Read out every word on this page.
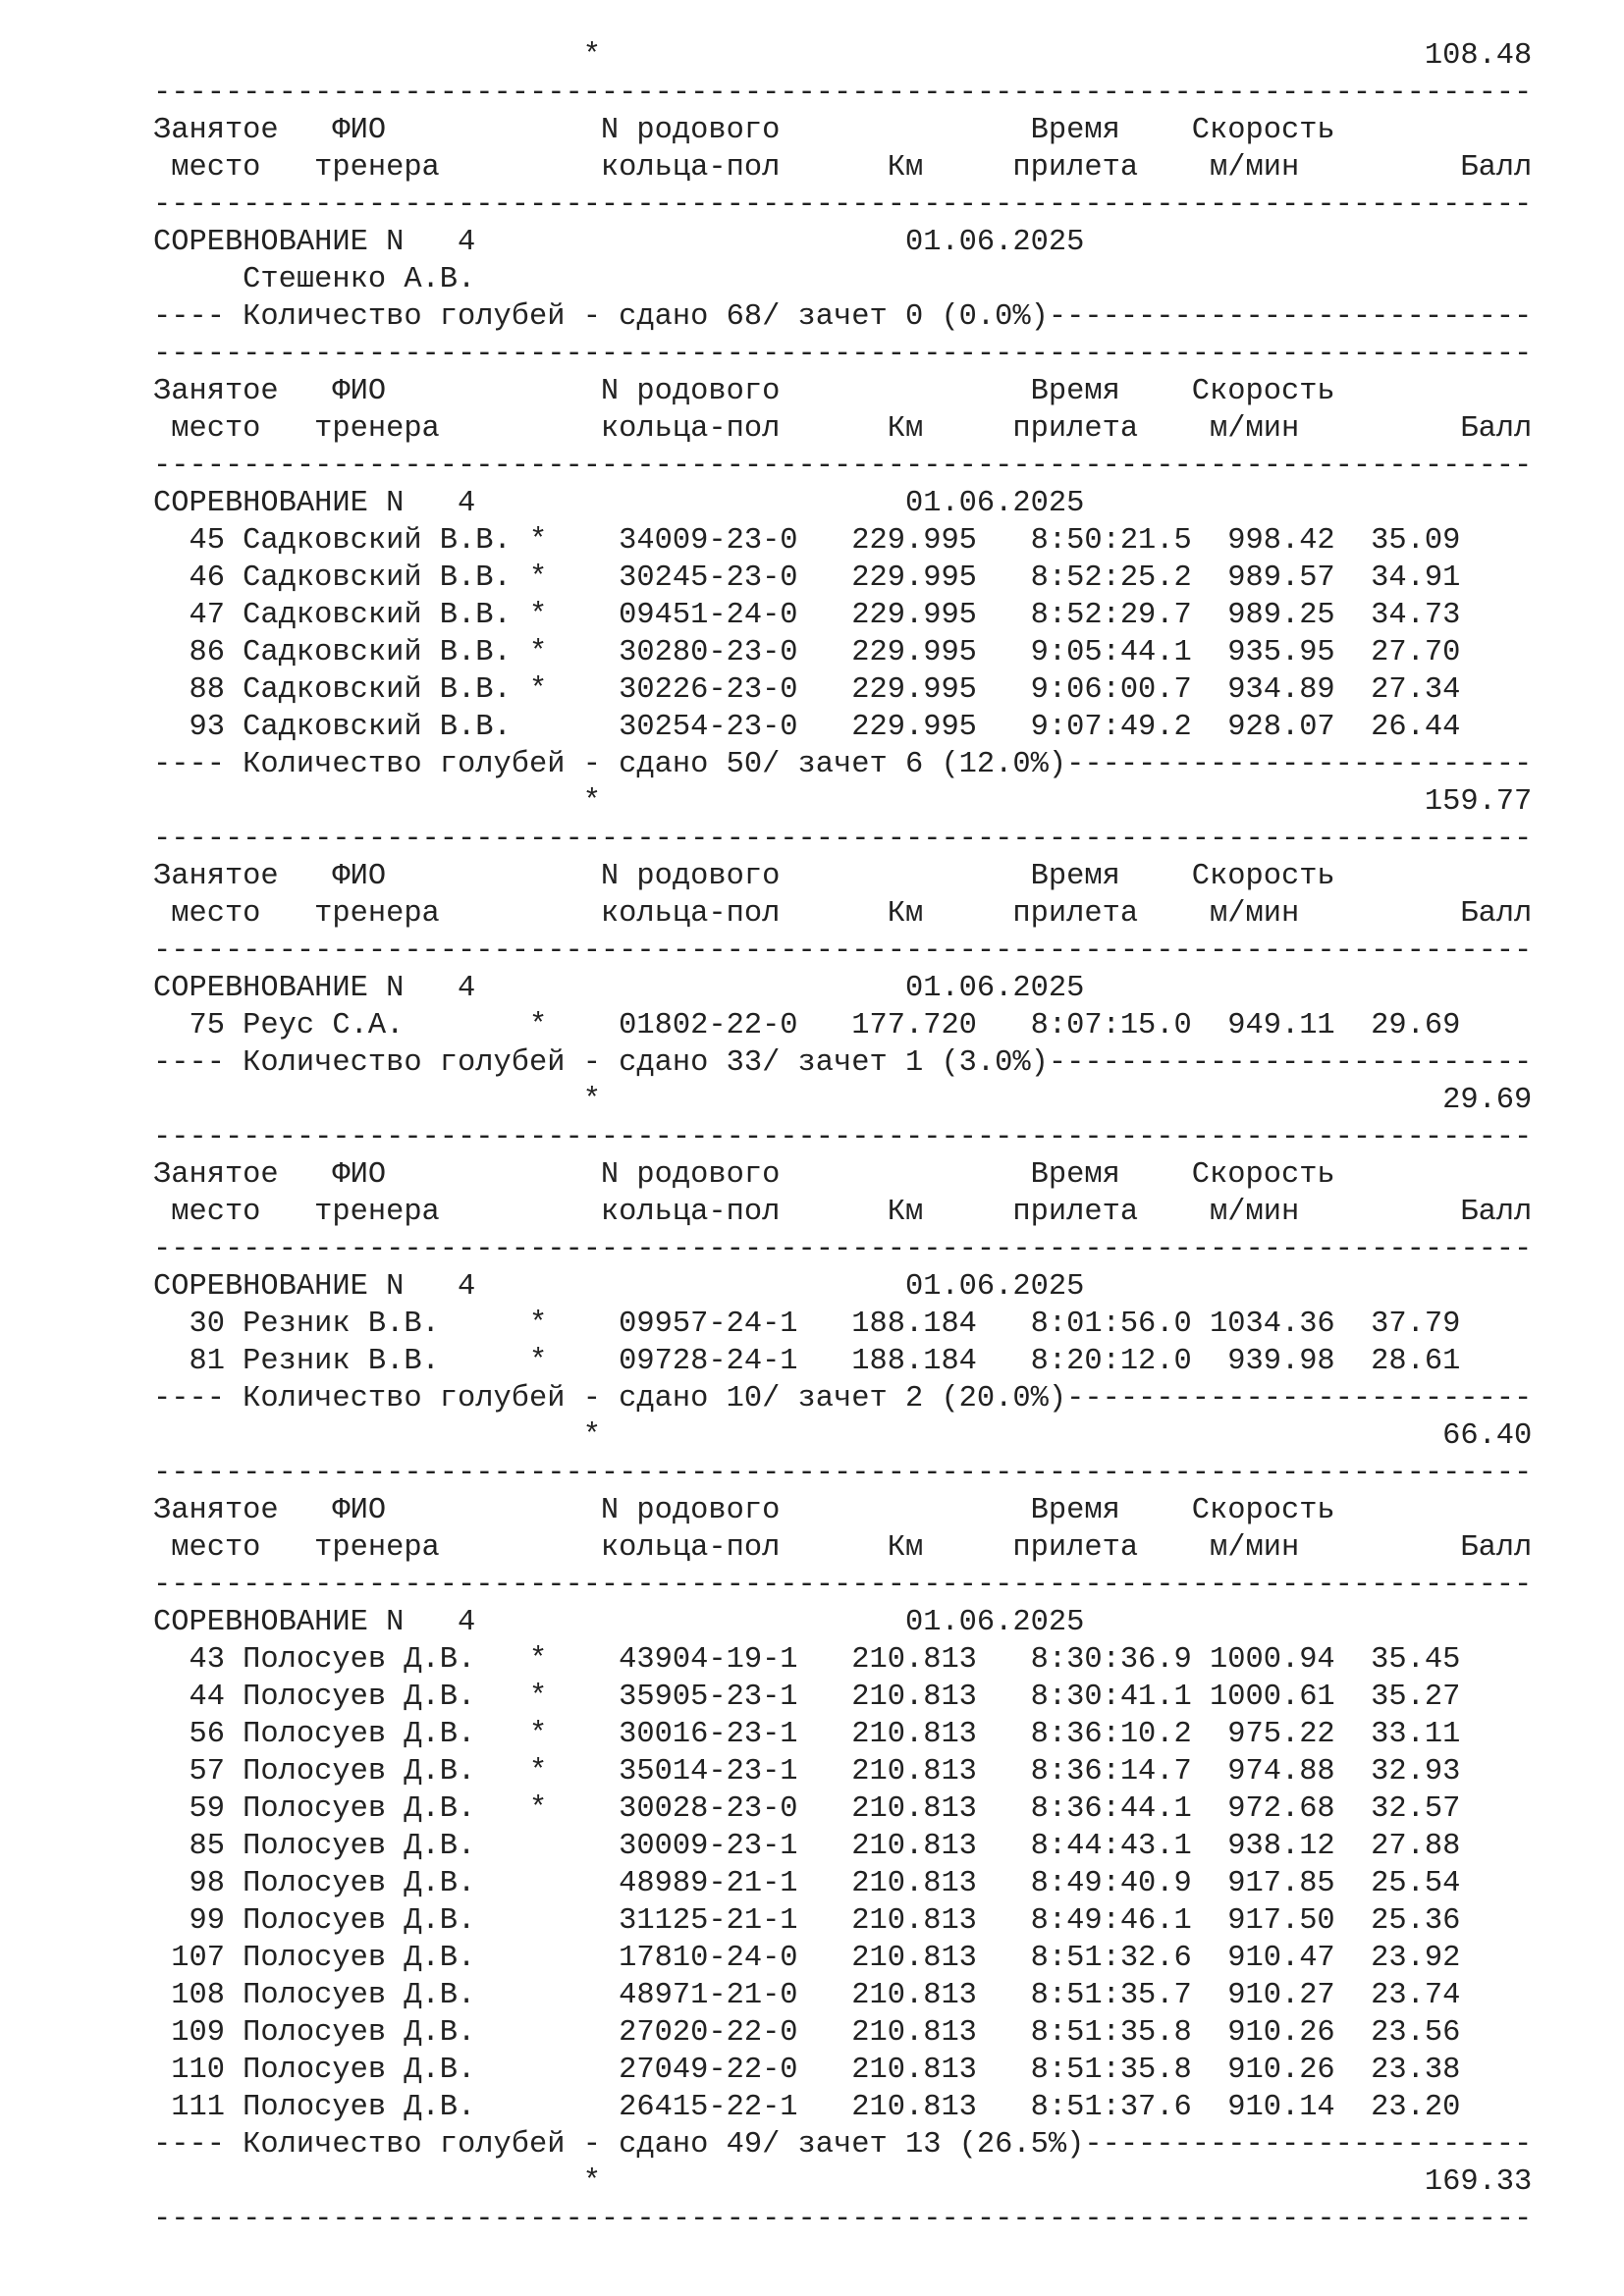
*                                              108.48
-----------------------------------------------------------------------------
Занятое   ФИО            N родового              Время    Скорость
место   тренера         кольца-пол      Км     прилета    м/мин         Балл
-----------------------------------------------------------------------------
СОРЕВНОВАНИЕ N   4                        01.06.2025
Стешенко А.В.
---- Количество голубей - сдано 68/ зачет 0 (0.0%)---------------------------
-----------------------------------------------------------------------------
Занятое   ФИО            N родового              Время    Скорость
место   тренера         кольца-пол      Км     прилета    м/мин         Балл
-----------------------------------------------------------------------------
СОРЕВНОВАНИЕ N   4                        01.06.2025
45 Садковский В.В. *    34009-23-0   229.995   8:50:21.5  998.42  35.09
46 Садковский В.В. *    30245-23-0   229.995   8:52:25.2  989.57  34.91
47 Садковский В.В. *    09451-24-0   229.995   8:52:29.7  989.25  34.73
86 Садковский В.В. *    30280-23-0   229.995   9:05:44.1  935.95  27.70
88 Садковский В.В. *    30226-23-0   229.995   9:06:00.7  934.89  27.34
93 Садковский В.В.      30254-23-0   229.995   9:07:49.2  928.07  26.44
---- Количество голубей - сдано 50/ зачет 6 (12.0%)--------------------------
*                                              159.77
-----------------------------------------------------------------------------
Занятое   ФИО            N родового              Время    Скорость
место   тренера         кольца-пол      Км     прилета    м/мин         Балл
-----------------------------------------------------------------------------
СОРЕВНОВАНИЕ N   4                        01.06.2025
75 Реус С.А.       *    01802-22-0   177.720   8:07:15.0  949.11  29.69
---- Количество голубей - сдано 33/ зачет 1 (3.0%)---------------------------
*                                               29.69
-----------------------------------------------------------------------------
Занятое   ФИО            N родового              Время    Скорость
место   тренера         кольца-пол      Км     прилета    м/мин         Балл
-----------------------------------------------------------------------------
СОРЕВНОВАНИЕ N   4                        01.06.2025
30 Резник В.В.     *    09957-24-1   188.184   8:01:56.0 1034.36  37.79
81 Резник В.В.     *    09728-24-1   188.184   8:20:12.0  939.98  28.61
---- Количество голубей - сдано 10/ зачет 2 (20.0%)--------------------------
*                                               66.40
-----------------------------------------------------------------------------
Занятое   ФИО            N родового              Время    Скорость
место   тренера         кольца-пол      Км     прилета    м/мин         Балл
-----------------------------------------------------------------------------
СОРЕВНОВАНИЕ N   4                        01.06.2025
43 Полосуев Д.В.   *    43904-19-1   210.813   8:30:36.9 1000.94  35.45
44 Полосуев Д.В.   *    35905-23-1   210.813   8:30:41.1 1000.61  35.27
56 Полосуев Д.В.   *    30016-23-1   210.813   8:36:10.2  975.22  33.11
57 Полосуев Д.В.   *    35014-23-1   210.813   8:36:14.7  974.88  32.93
59 Полосуев Д.В.   *    30028-23-0   210.813   8:36:44.1  972.68  32.57
85 Полосуев Д.В.        30009-23-1   210.813   8:44:43.1  938.12  27.88
98 Полосуев Д.В.        48989-21-1   210.813   8:49:40.9  917.85  25.54
99 Полосуев Д.В.        31125-21-1   210.813   8:49:46.1  917.50  25.36
107 Полосуев Д.В.        17810-24-0   210.813   8:51:32.6  910.47  23.92
108 Полосуев Д.В.        48971-21-0   210.813   8:51:35.7  910.27  23.74
109 Полосуев Д.В.        27020-22-0   210.813   8:51:35.8  910.26  23.56
110 Полосуев Д.В.        27049-22-0   210.813   8:51:35.8  910.26  23.38
111 Полосуев Д.В.        26415-22-1   210.813   8:51:37.6  910.14  23.20
---- Количество голубей - сдано 49/ зачет 13 (26.5%)-------------------------
*                                              169.33
-----------------------------------------------------------------------------
